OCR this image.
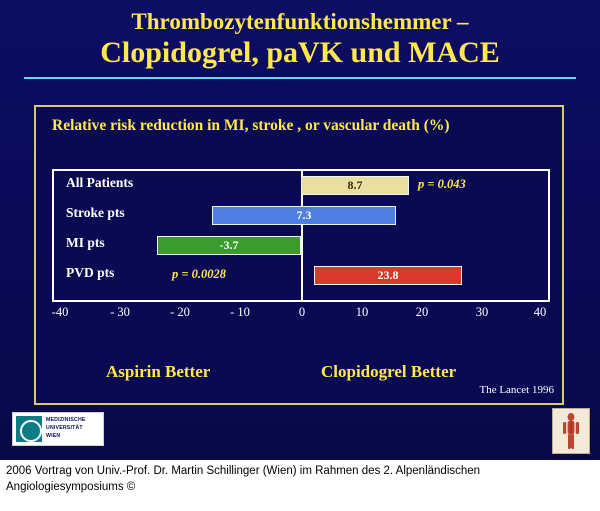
Thrombozytenfunktionshemmer –
Clopidogrel, paVK und MACE
Relative risk reduction in MI, stroke , or vascular death (%)
All Patients	8.7	p = 0.043
Stroke pts	7.3
MI pts	-3.7
PVD pts	p = 0.0028	23.8
-40	- 30	- 20	- 10	0	10	20	30	40
Aspirin Better	Clopidogrel Better
The Lancet 1996
MEDIZINISCHE
UNIVERSITÄT
WIEN
2006 Vortrag von Univ.-Prof. Dr. Martin Schillinger (Wien) im Rahmen des 2. Alpenländischen Angiologiesymposiums ©
